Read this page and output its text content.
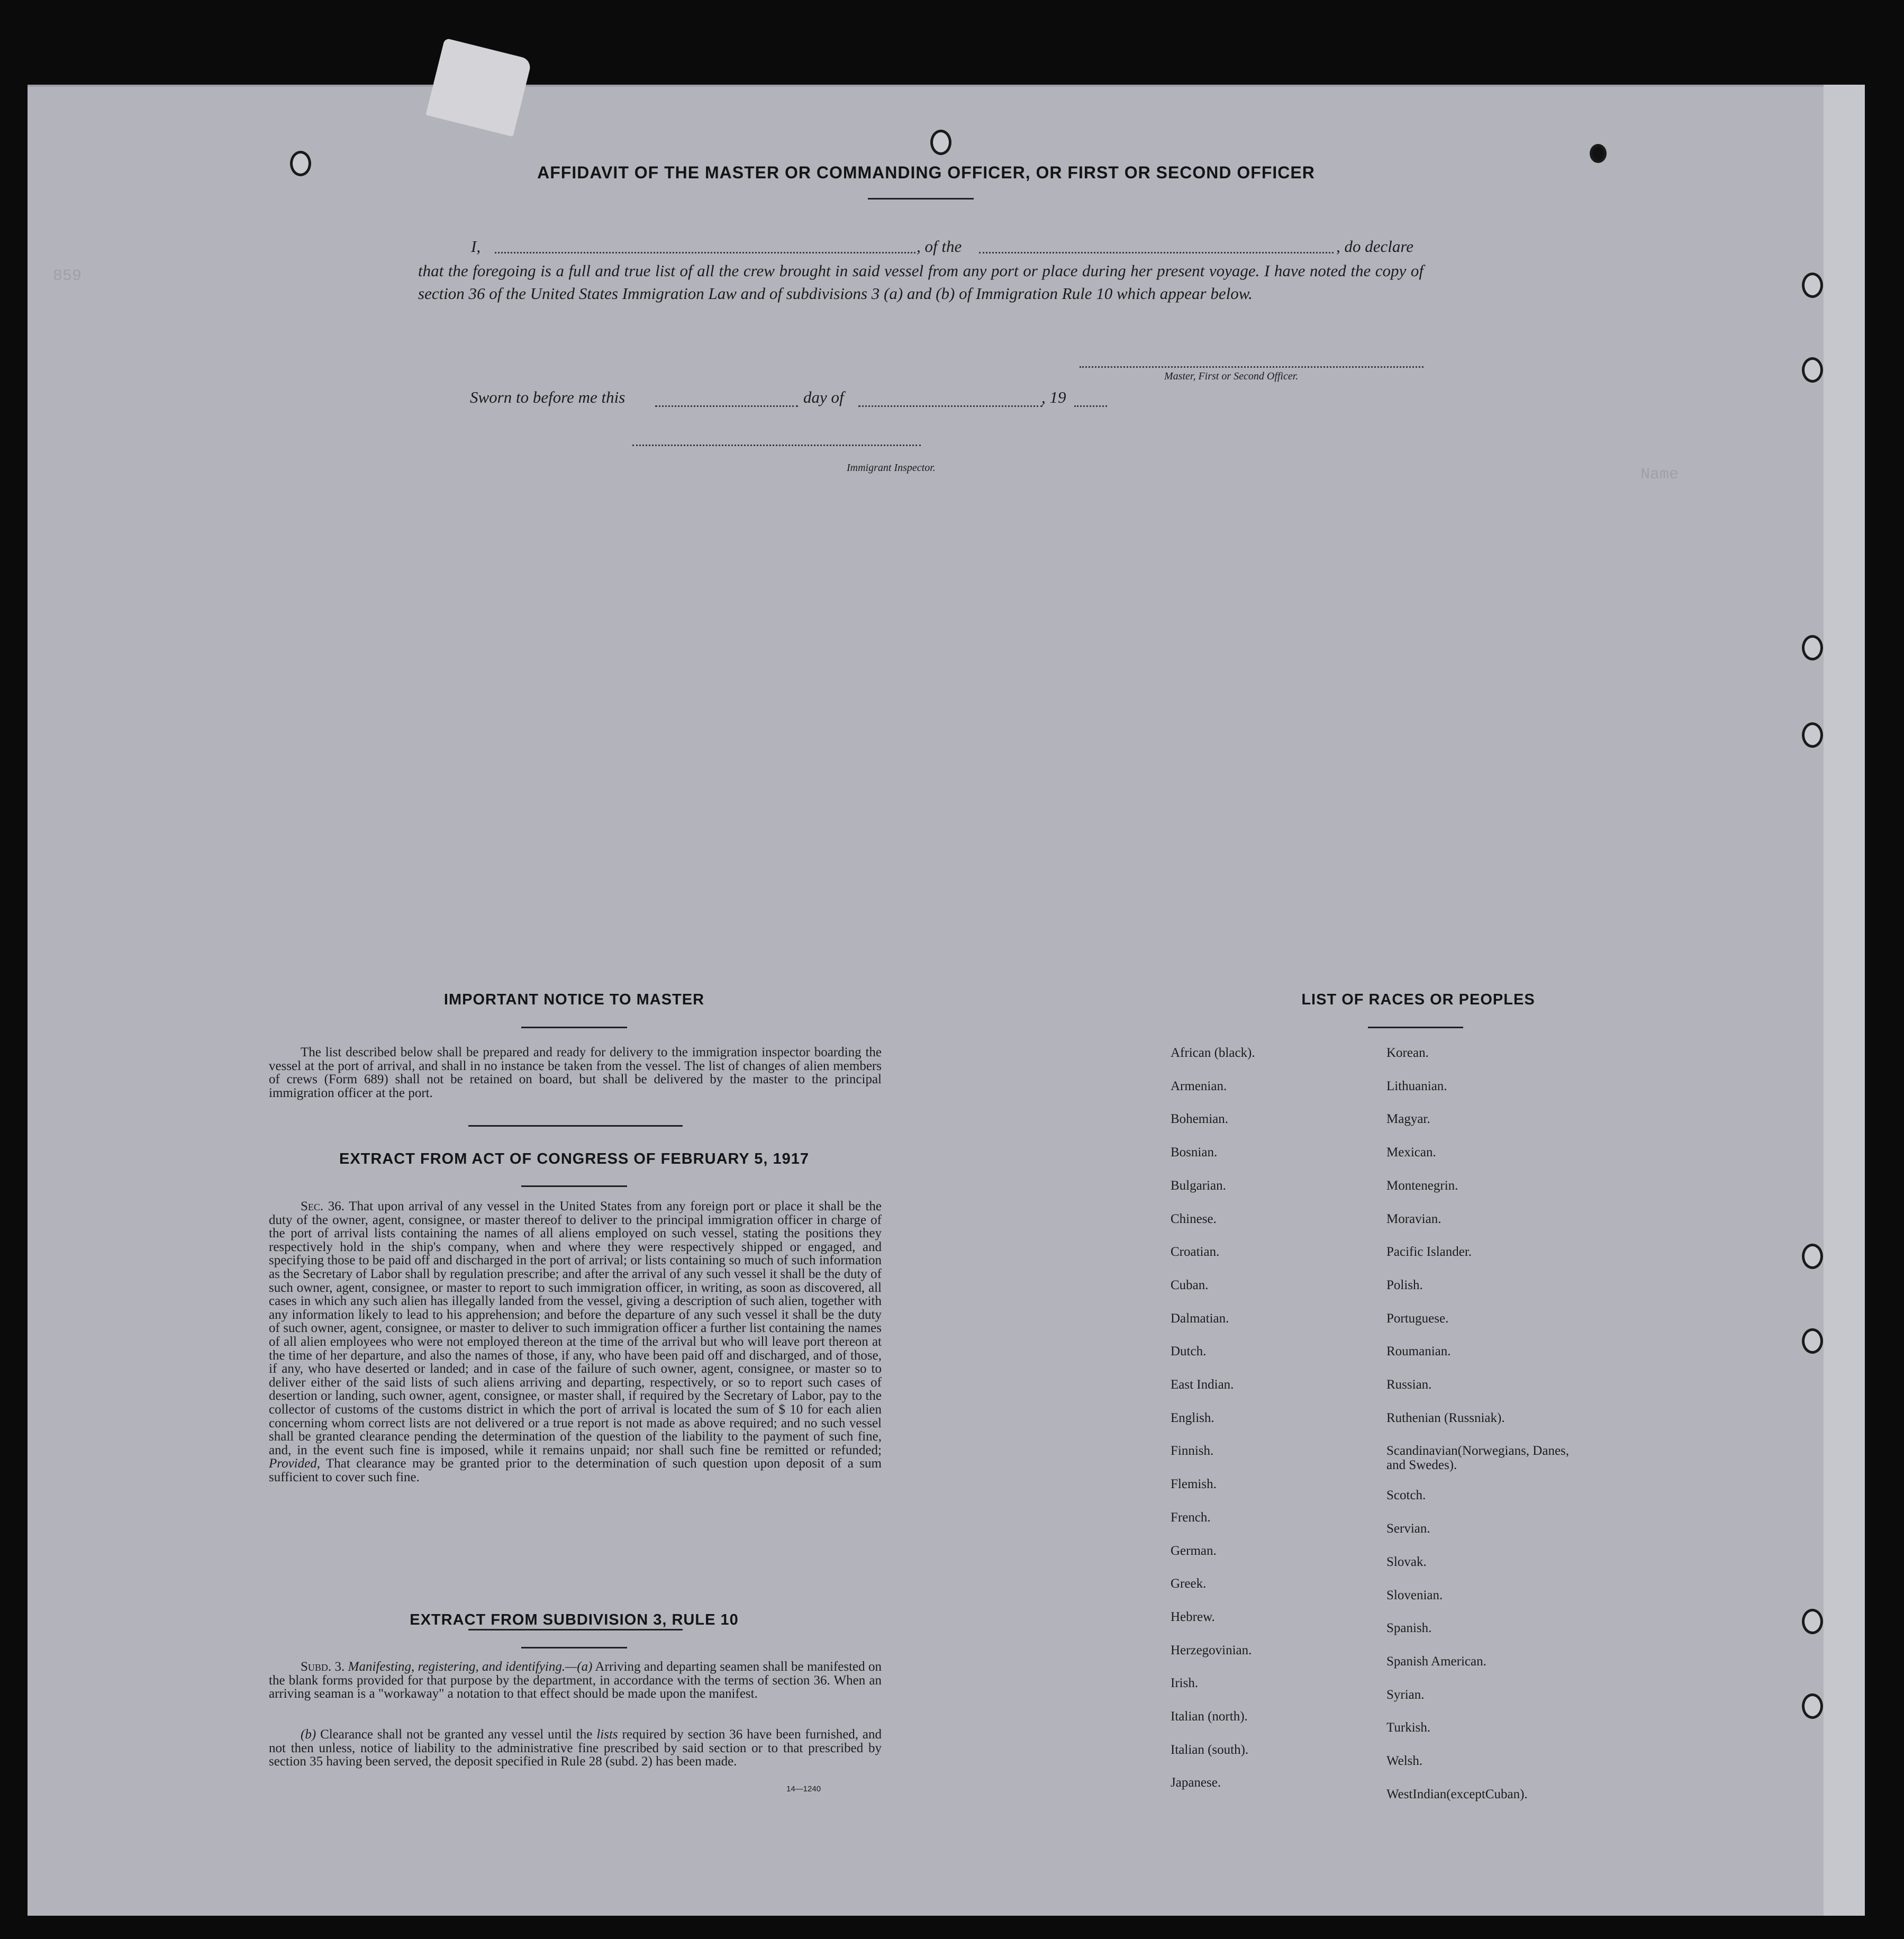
AFFIDAVIT OF THE MASTER OR COMMANDING OFFICER, OR FIRST OR SECOND OFFICER
I,	, of the	, do declare
that the foregoing is a full and true list of all the crew brought in said vessel from any port or place during her present voyage. I have noted the copy of section 36 of the United States Immigration Law and of subdivisions 3 (a) and (b) of Immigration Rule 10 which appear below.
Master, First or Second Officer.
Sworn to before me this	day of	, 19
Immigrant Inspector.
IMPORTANT NOTICE TO MASTER
The list described below shall be prepared and ready for delivery to the immigration inspector boarding the vessel at the port of arrival, and shall in no instance be taken from the vessel. The list of changes of alien members of crews (Form 689) shall not be retained on board, but shall be delivered by the master to the principal immigration officer at the port.
EXTRACT FROM ACT OF CONGRESS OF FEBRUARY 5, 1917
Sec. 36. That upon arrival of any vessel in the United States from any foreign port or place it shall be the duty of the owner, agent, consignee, or master thereof to deliver to the principal immigration officer in charge of the port of arrival lists containing the names of all aliens employed on such vessel, stating the positions they respectively hold in the ship's company, when and where they were respectively shipped or engaged, and specifying those to be paid off and discharged in the port of arrival; or lists containing so much of such information as the Secretary of Labor shall by regulation prescribe; and after the arrival of any such vessel it shall be the duty of such owner, agent, consignee, or master to report to such immigration officer, in writing, as soon as discovered, all cases in which any such alien has illegally landed from the vessel, giving a description of such alien, together with any information likely to lead to his apprehension; and before the departure of any such vessel it shall be the duty of such owner, agent, consignee, or master to deliver to such immigration officer a further list containing the names of all alien employees who were not employed thereon at the time of the arrival but who will leave port thereon at the time of her departure, and also the names of those, if any, who have been paid off and discharged, and of those, if any, who have deserted or landed; and in case of the failure of such owner, agent, consignee, or master so to deliver either of the said lists of such aliens arriving and departing, respectively, or so to report such cases of desertion or landing, such owner, agent, consignee, or master shall, if required by the Secretary of Labor, pay to the collector of customs of the customs district in which the port of arrival is located the sum of $ 10 for each alien concerning whom correct lists are not delivered or a true report is not made as above required; and no such vessel shall be granted clearance pending the determination of the question of the liability to the payment of such fine, and, in the event such fine is imposed, while it remains unpaid; nor shall such fine be remitted or refunded; Provided, That clearance may be granted prior to the determination of such question upon deposit of a sum sufficient to cover such fine.
EXTRACT FROM SUBDIVISION 3, RULE 10
Subd. 3. Manifesting, registering, and identifying.—(a) Arriving and departing seamen shall be manifested on the blank forms provided for that purpose by the department, in accordance with the terms of section 36. When an arriving seaman is a "workaway" a notation to that effect should be made upon the manifest.
(b) Clearance shall not be granted any vessel until the lists required by section 36 have been furnished, and not then unless, notice of liability to the administrative fine prescribed by said section or to that prescribed by section 35 having been served, the deposit specified in Rule 28 (subd. 2) has been made.
14—1240
LIST OF RACES OR PEOPLES
African (black).
Armenian.
Bohemian.
Bosnian.
Bulgarian.
Chinese.
Croatian.
Cuban.
Dalmatian.
Dutch.
East Indian.
English.
Finnish.
Flemish.
French.
German.
Greek.
Hebrew.
Herzegovinian.
Irish.
Italian (north).
Italian (south).
Japanese.
Korean.
Lithuanian.
Magyar.
Mexican.
Montenegrin.
Moravian.
Pacific Islander.
Polish.
Portuguese.
Roumanian.
Russian.
Ruthenian (Russniak).
Scandinavian(Norwegians, Danes, and Swedes).
Scotch.
Servian.
Slovak.
Slovenian.
Spanish.
Spanish American.
Syrian.
Turkish.
Welsh.
WestIndian(exceptCuban).
859
Name
